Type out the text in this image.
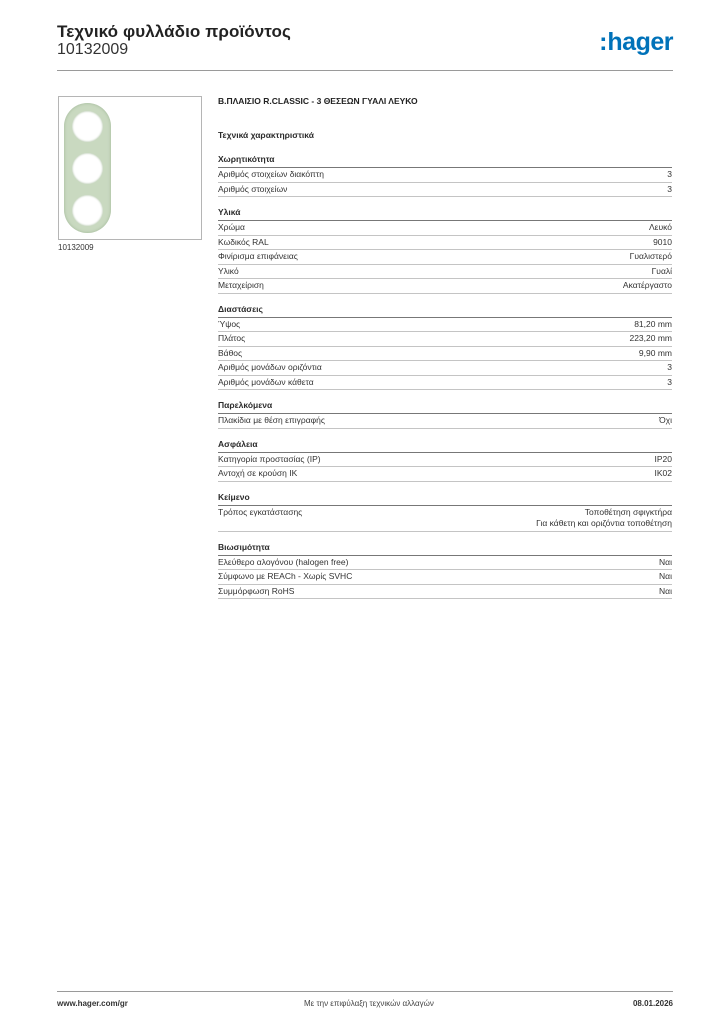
Τεχνικό φυλλάδιο προϊόντος
10132009	:hager
10132009
Β.ΠΛΑΙΣΙΟ R.CLASSIC - 3 ΘΕΣΕΩΝ ΓΥΑΛΙ ΛΕΥΚΟ
Τεχνικά χαρακτηριστικά
Χωρητικότητα
Αριθμός στοιχείων διακόπτη	3
Αριθμός στοιχείων	3
Υλικά
Χρώμα	Λευκό
Κωδικός RAL	9010
Φινίρισμα επιφάνειας	Γυαλιστερό
Υλικό	Γυαλί
Μεταχείριση	Ακατέργαστο
Διαστάσεις
Ύψος	81,20 mm
Πλάτος	223,20 mm
Βάθος	9,90 mm
Αριθμός μονάδων οριζόντια	3
Αριθμός μονάδων κάθετα	3
Παρελκόμενα
Πλακίδια με θέση επιγραφής	Όχι
Ασφάλεια
Κατηγορία προστασίας (IP)	IP20
Αντοχή σε κρούση IK	IK02
Κείμενο
Τρόπος εγκατάστασης	Τοποθέτηση σφιγκτήρα
Για κάθετη και οριζόντια τοποθέτηση
Βιωσιμότητα
Ελεύθερο αλογόνου (halogen free)	Ναι
Σύμφωνο με REACh - Χωρίς SVHC	Ναι
Συμμόρφωση RoHS	Ναι
www.hager.com/gr	Με την επιφύλαξη τεχνικών αλλαγών	08.01.2026
